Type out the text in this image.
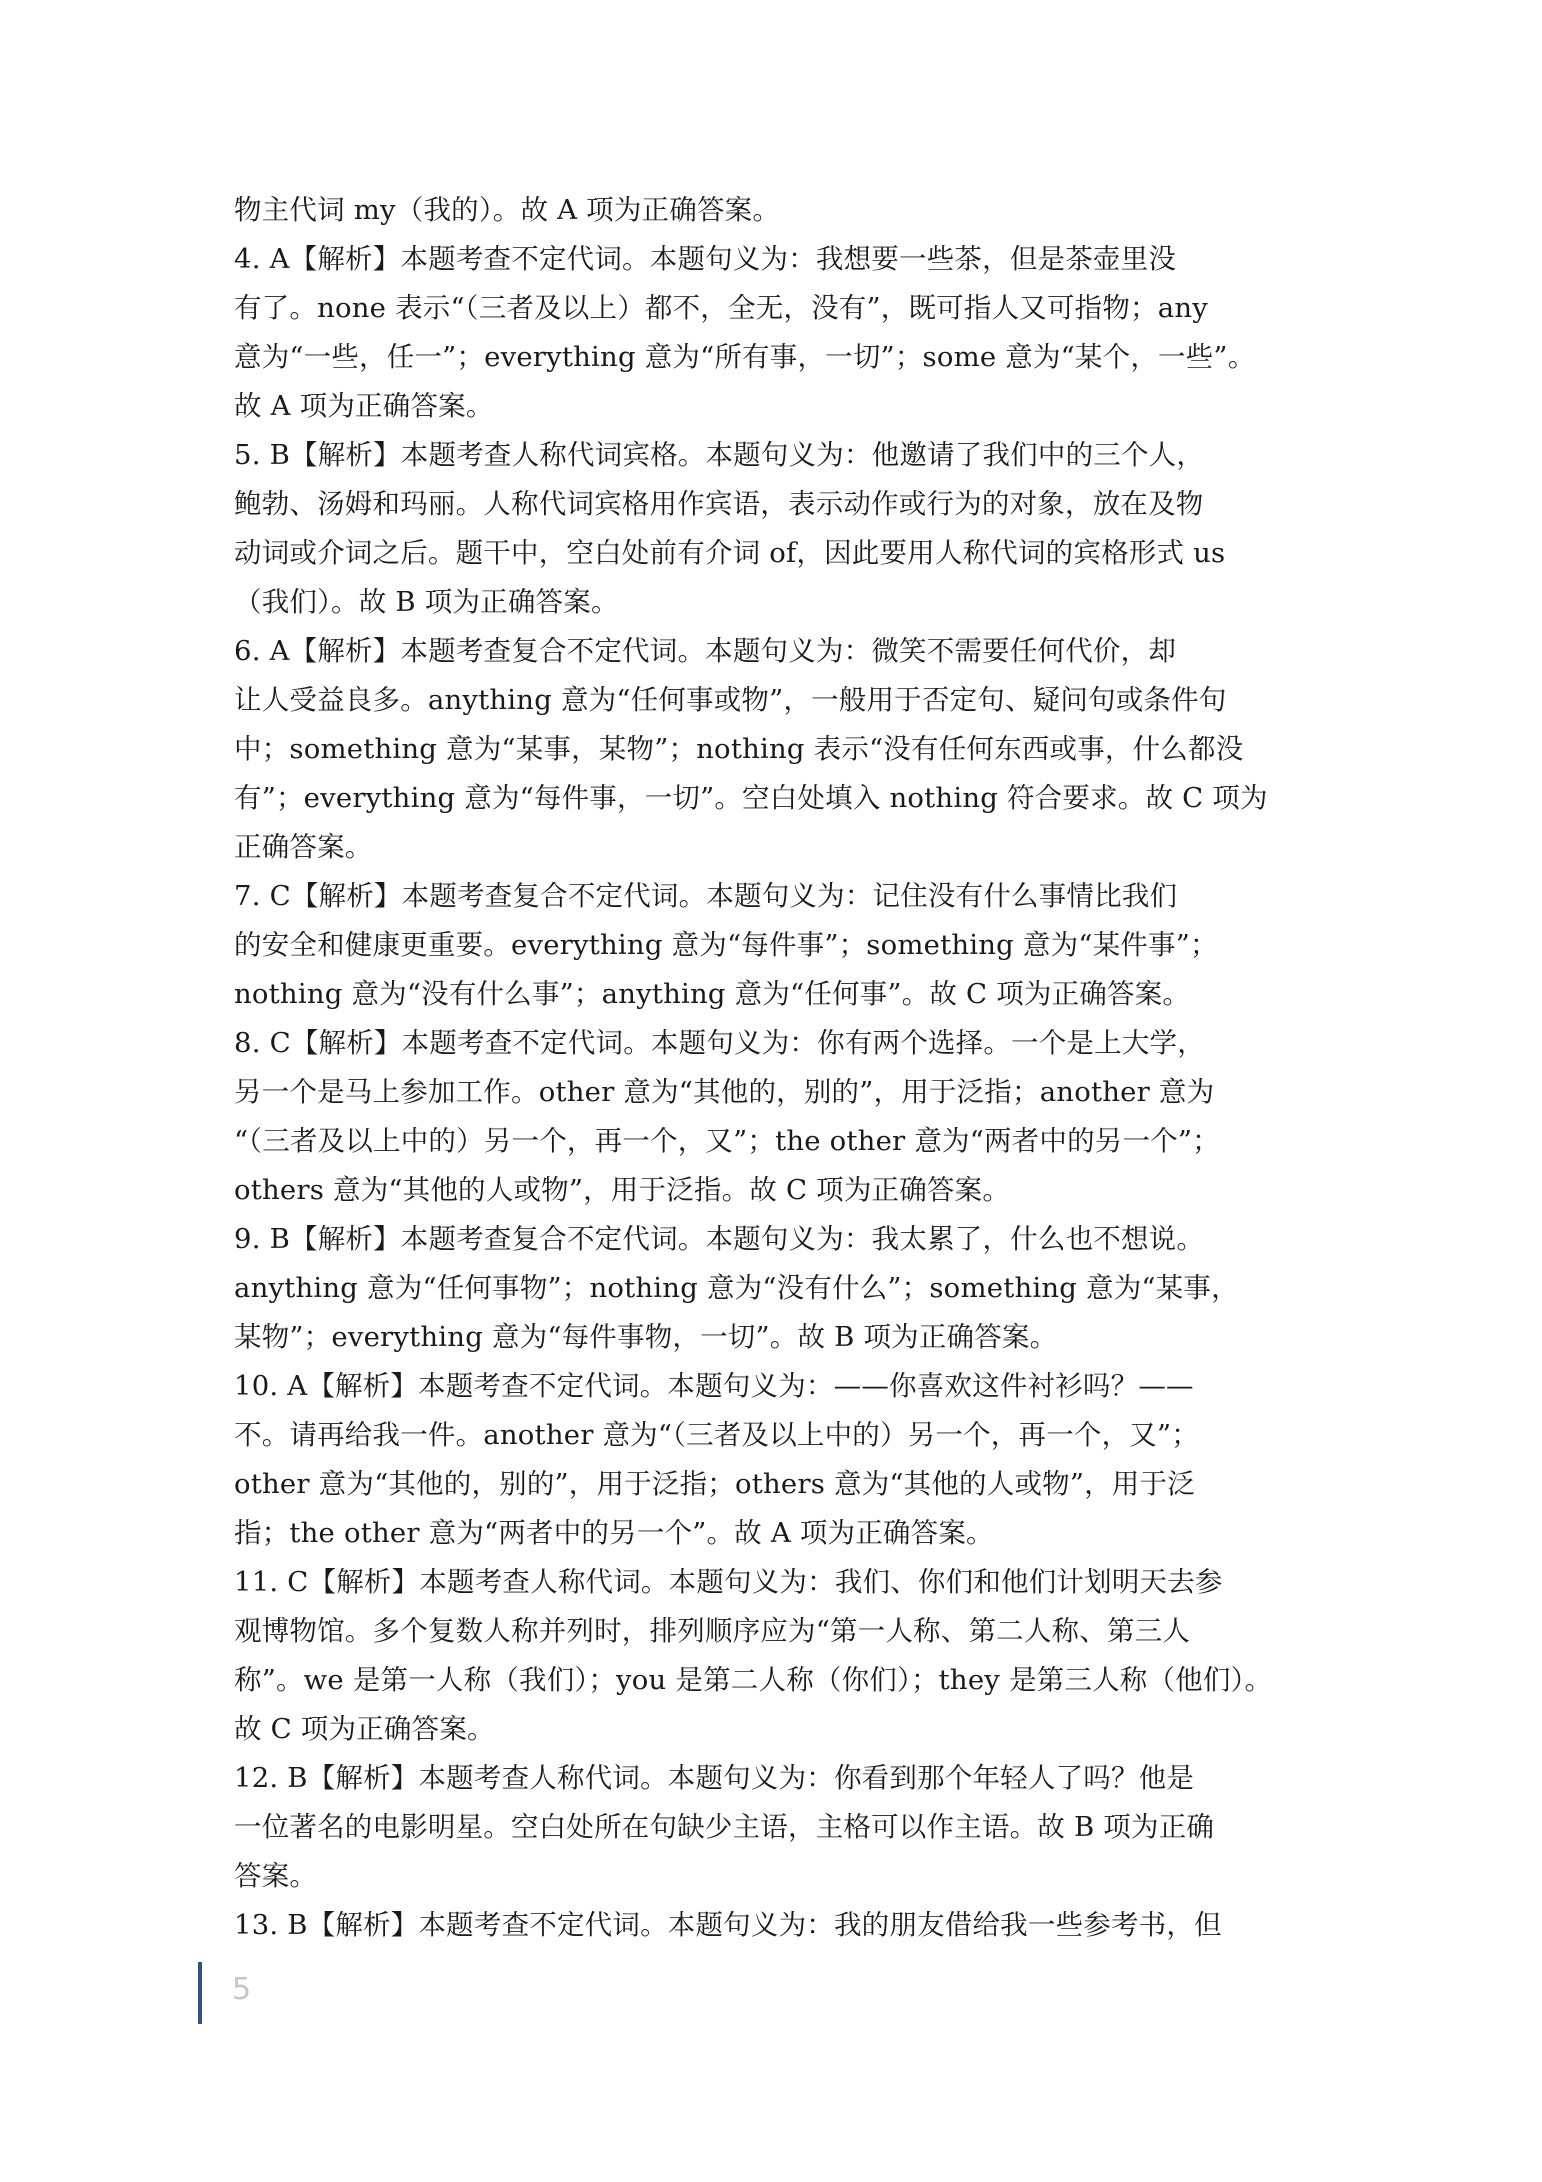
物主代词 my（我的）。故 A 项为正确答案。
4. A【解析】本题考查不定代词。本题句义为：我想要一些茶，但是茶壶里没
有了。none 表示“（三者及以上）都不，全无，没有”，既可指人又可指物；any
意为“一些，任一”；everything 意为“所有事，一切”；some 意为“某个，一些”。
故 A 项为正确答案。
5. B【解析】本题考查人称代词宾格。本题句义为：他邀请了我们中的三个人，
鲍勃、汤姆和玛丽。人称代词宾格用作宾语，表示动作或行为的对象，放在及物
动词或介词之后。题干中，空白处前有介词 of，因此要用人称代词的宾格形式 us
（我们）。故 B 项为正确答案。
6. A【解析】本题考查复合不定代词。本题句义为：微笑不需要任何代价，却
让人受益良多。anything 意为“任何事或物”，一般用于否定句、疑问句或条件句
中；something 意为“某事，某物”；nothing 表示“没有任何东西或事，什么都没
有”；everything 意为“每件事，一切”。空白处填入 nothing 符合要求。故 C 项为
正确答案。
7. C【解析】本题考查复合不定代词。本题句义为：记住没有什么事情比我们
的安全和健康更重要。everything 意为“每件事”；something 意为“某件事”；
nothing 意为“没有什么事”；anything 意为“任何事”。故 C 项为正确答案。
8. C【解析】本题考查不定代词。本题句义为：你有两个选择。一个是上大学，
另一个是马上参加工作。other 意为“其他的，别的”，用于泛指；another 意为
“（三者及以上中的）另一个，再一个，又”；the other 意为“两者中的另一个”；
others 意为“其他的人或物”，用于泛指。故 C 项为正确答案。
9. B【解析】本题考查复合不定代词。本题句义为：我太累了，什么也不想说。
anything 意为“任何事物”；nothing 意为“没有什么”；something 意为“某事，
某物”；everything 意为“每件事物，一切”。故 B 项为正确答案。
10. A【解析】本题考查不定代词。本题句义为：——你喜欢这件衬衫吗？——
不。请再给我一件。another 意为“（三者及以上中的）另一个，再一个，又”；
other 意为“其他的，别的”，用于泛指；others 意为“其他的人或物”，用于泛
指；the other 意为“两者中的另一个”。故 A 项为正确答案。
11. C【解析】本题考查人称代词。本题句义为：我们、你们和他们计划明天去参
观博物馆。多个复数人称并列时，排列顺序应为“第一人称、第二人称、第三人
称”。we 是第一人称（我们）；you 是第二人称（你们）；they 是第三人称（他们）。
故 C 项为正确答案。
12. B【解析】本题考查人称代词。本题句义为：你看到那个年轻人了吗？他是
一位著名的电影明星。空白处所在句缺少主语，主格可以作主语。故 B 项为正确
答案。
13. B【解析】本题考查不定代词。本题句义为：我的朋友借给我一些参考书，但
5
